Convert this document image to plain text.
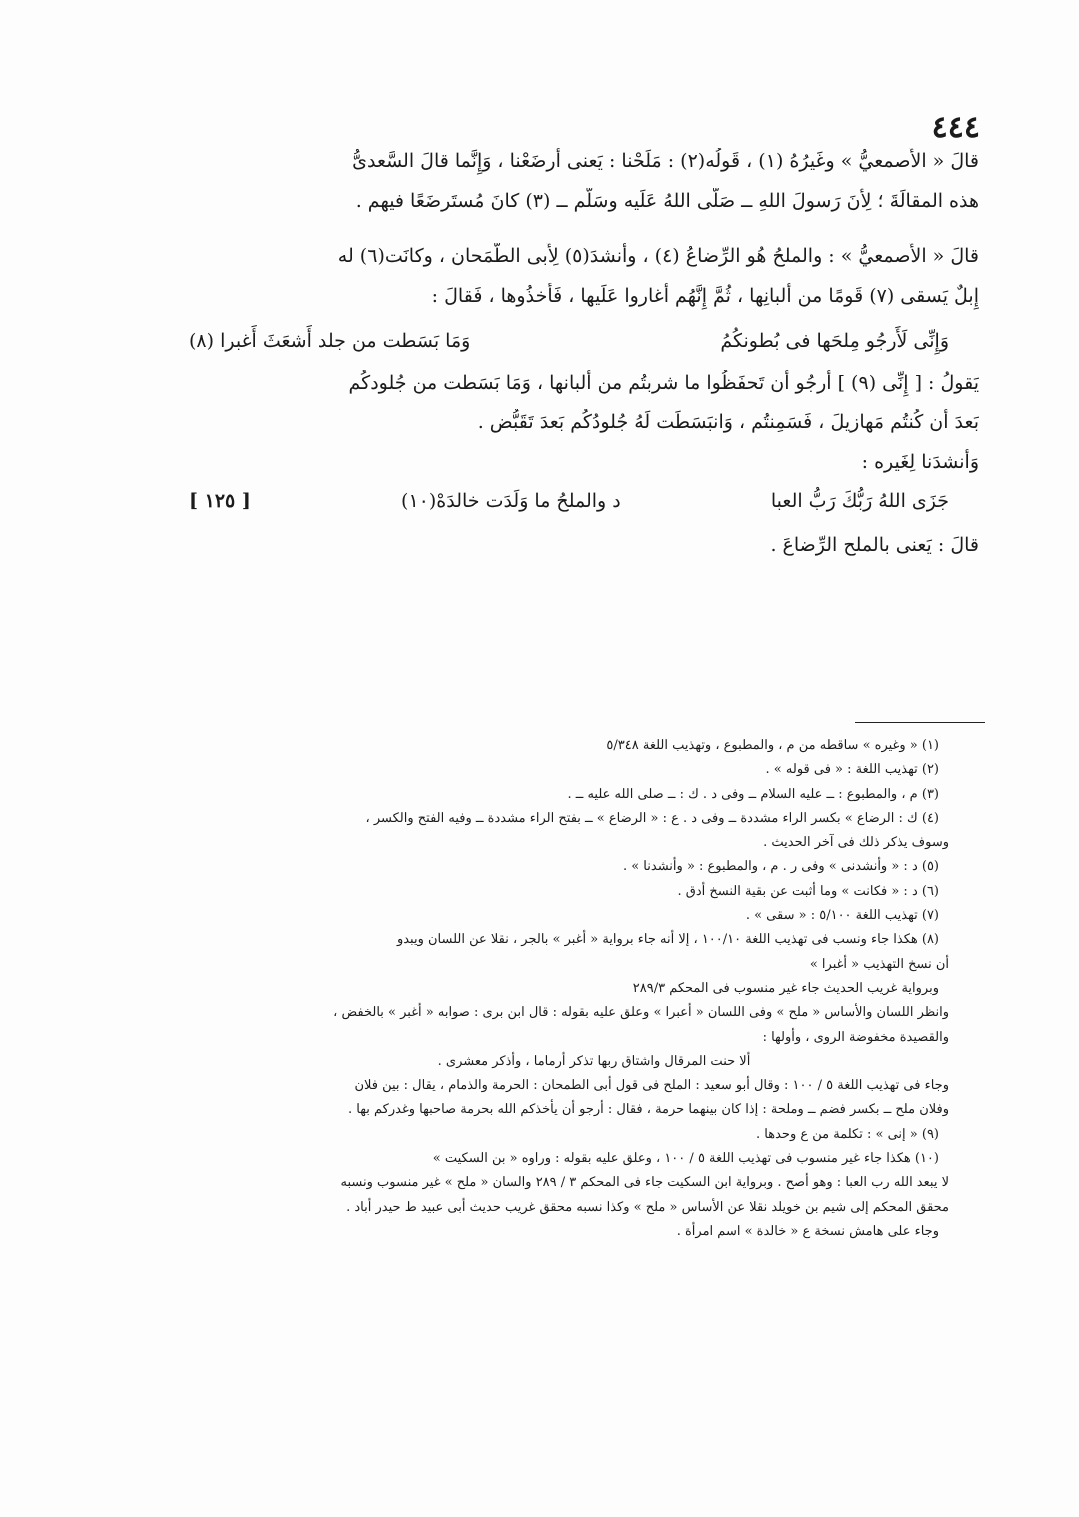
٤٤٤
قالَ « الأَصمعيُّ » وغَيرُهُ (١) ، قَولُه(٢) : مَلَحْنا : يَعنى أَرضَعْنا ، وَإِنَّما قالَ السَّعدىُّ
هذه المقالَةَ ؛ لِأنَ رَسولَ اللهِ ــ صَلَّى اللهُ عَلَيه وسَلَّم ــ (٣) كانَ مُستَرضَعًا فيهم .
قالَ « الأَصمعيُّ » : والملحُ هُو الرِّضاعُ (٤) ، وأَنشدَ(٥) لِأَبى الطَّمَحان ، وكانَت(٦) له
إِبلٌ يَسقى (٧) قَومًا من أَلبانِها ، ثُمَّ إِنَّهُم أَغاروا عَلَيها ، فَأَخذُوها ، فَقالَ :
وَإِنِّى لَأَرجُو مِلحَها فى بُطونكُمُ
وَمَا بَسَطت من جلد أَشعَثَ أَغبرا (٨)
يَقولُ : [ إِنِّى (٩) ] أَرجُو أَن تَحفَظُوا ما شربتُم من أَلبانها ، وَمَا بَسَطت من جُلودكُم
بَعدَ أَن كُنتُم مَهازيلَ ، فَسَمِنتُم ، وَانبَسَطَت لَهُ جُلودُكُم بَعدَ تَقَبُّض .
وَأَنشدَنا لِغَيره :
جَزَى اللهُ رَبُّكَ رَبُّ العبا
د والملحُ ما وَلَدَت خالدَهْ(١٠)
[ ١٢٥ ]
قالَ : يَعنى بالملح الرِّضاعَ .
(١) « وغيره » ساقطه من م ، والمطبوع ، وتهذيب اللغة ٥/٣٤٨
(٢) تهذيب اللغة : « فى قوله » .
(٣) م ، والمطبوع : ــ عليه السلام ــ وفى د . ك : ــ صلى الله عليه ــ .
(٤) ك : الرضاع » بكسر الراء مشددة ــ وفى د . ع : « الرضاع » ــ بفتح الراء مشددة ــ وفيه الفتح والكسر ،
وسوف يذكر ذلك فى آخر الحديث .
(٥) د : « وأنشدنى » وفى ر . م ، والمطبوع : « وأنشدنا » .
(٦) د : « فكانت » وما أثبت عن بقية النسخ أدق .
(٧) تهذيب اللغة ٥/١٠٠ : « سقى » .
(٨) هكذا جاء ونسب فى تهذيب اللغة ١٠٠/١٠ ، إلا أنه جاء برواية « أغبر » بالجر ، نقلا عن اللسان ويبدو
أن نسخ التهذيب « أغبرا »
وبرواية غريب الحديث جاء غير منسوب فى المحكم ٢٨٩/٣
وانظر اللسان والأساس « ملح » وفى اللسان « أعبرا » وعلق عليه بقوله : قال ابن برى : صوابه « أغبر » بالخفض ،
والقصيدة مخفوضة الروى ، وأولها :
ألا حنت المرقال واشتاق ربها تذكر أرماما ، وأذكر معشرى .
وجاء فى تهذيب اللغة ٥ / ١٠٠ : وقال أبو سعيد : الملح فى قول أبى الطمحان : الحرمة والذمام ، يقال : بين فلان
وفلان ملح ــ بكسر فضم ــ وملحة : إذا كان بينهما حرمة ، فقال : أرجو أن يأخذكم الله بحرمة صاحبها وغدركم بها .
(٩) « إنى » : تكلمة من ع وحدها .
(١٠) هكذا جاء غير منسوب فى تهذيب اللغة ٥ / ١٠٠ ، وعلق عليه بقوله : وراوه « بن السكيت »
لا يبعد الله رب العبا : وهو أصح . وبرواية ابن السكيت جاء فى المحكم ٣ / ٢٨٩ والسان « ملح » غير منسوب ونسبه
محقق المحكم إلى شيم بن خويلد نقلا عن الأساس « ملح » وكذا نسبه محقق غريب حديث أبى عبيد ط حيدر أباد .
وجاء على هامش نسخة ع « خالدة » اسم امرأة .
